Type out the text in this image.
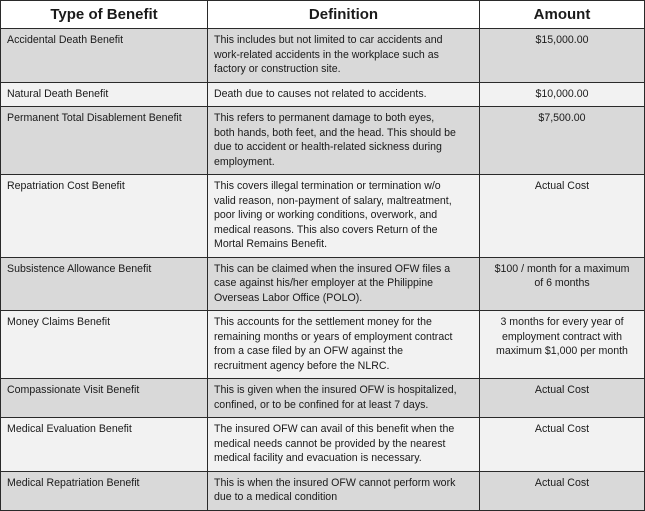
Type of Benefit	Definition	Amount
Accidental Death Benefit	This includes but not limited to car accidents and
work-related accidents in the workplace such as
factory or construction site.	$15,000.00
Natural Death Benefit	Death due to causes not related to accidents.	$10,000.00
Permanent Total Disablement Benefit	This refers to permanent damage to both eyes,
both hands, both feet, and the head. This should be
due to accident or health-related sickness during
employment.	$7,500.00
Repatriation Cost Benefit	This covers illegal termination or termination w/o
valid reason, non-payment of salary, maltreatment,
poor living or working conditions, overwork, and
medical reasons. This also covers Return of the
Mortal Remains Benefit.	Actual Cost
Subsistence Allowance Benefit	This can be claimed when the insured OFW files a
case against his/her employer at the Philippine
Overseas Labor Office (POLO).	$100 / month for a maximum
of 6 months
Money Claims Benefit	This accounts for the settlement money for the
remaining months or years of employment contract
from a case filed by an OFW against the
recruitment agency before the NLRC.	3 months for every year of
employment contract with
maximum $1,000 per month
Compassionate Visit Benefit	This is given when the insured OFW is hospitalized,
confined, or to be confined for at least 7 days.	Actual Cost
Medical Evaluation Benefit	The insured OFW can avail of this benefit when the
medical needs cannot be provided by the nearest
medical facility and evacuation is necessary.	Actual Cost
Medical Repatriation Benefit	This is when the insured OFW cannot perform work
due to a medical condition	Actual Cost
